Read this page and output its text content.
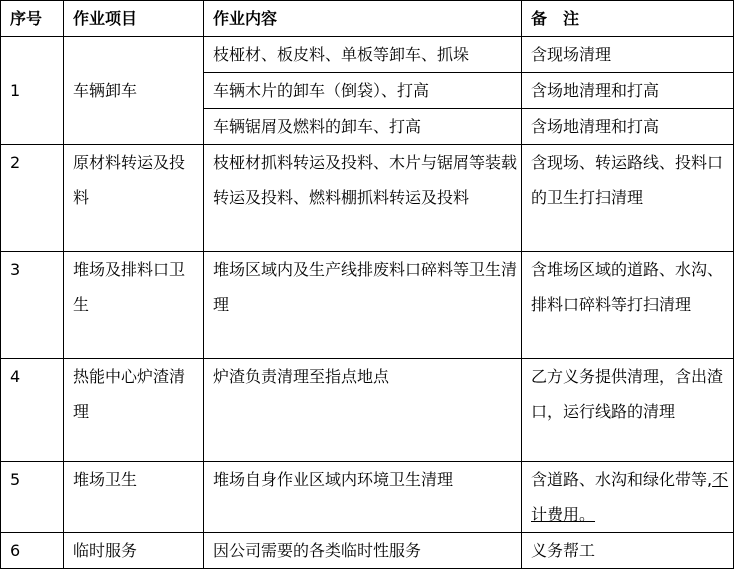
序号	作业项目	作业内容	备　注
1	车辆卸车	枝桠材、板皮料、单板等卸车、抓垛	含现场清理
		车辆木片的卸车（倒袋）、打高	含场地清理和打高
		车辆锯屑及燃料的卸车、打高	含场地清理和打高
2	原材料转运及投料	枝桠材抓料转运及投料、木片与锯屑等装载转运及投料、燃料棚抓料转运及投料	含现场、转运路线、投料口的卫生打扫清理
3	堆场及排料口卫生	堆场区域内及生产线排废料口碎料等卫生清理	含堆场区域的道路、水沟、排料口碎料等打扫清理
4	热能中心炉渣清理	炉渣负责清理至指点地点	乙方义务提供清理，含出渣口，运行线路的清理
5	堆场卫生	堆场自身作业区域内环境卫生清理	含道路、水沟和绿化带等,不计费用。
6	临时服务	因公司需要的各类临时性服务	义务帮工
